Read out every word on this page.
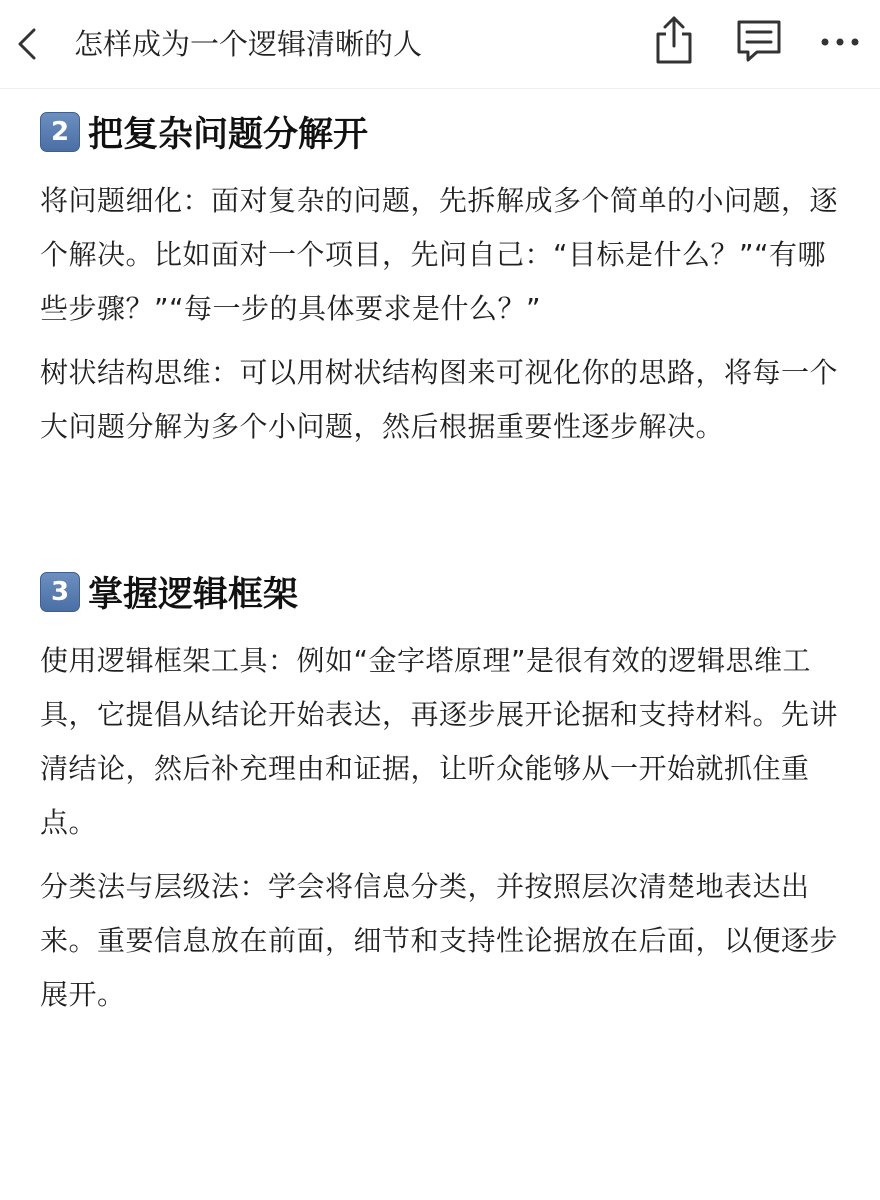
怎样成为一个逻辑清晰的人
2 把复杂问题分解开

将问题细化：面对复杂的问题，先拆解成多个简单的小问题，逐个解决。比如面对一个项目，先问自己：“目标是什么？”“有哪些步骤？”“每一步的具体要求是什么？”

树状结构思维：可以用树状结构图来可视化你的思路，将每一个大问题分解为多个小问题，然后根据重要性逐步解决。

3 掌握逻辑框架

使用逻辑框架工具：例如“金字塔原理”是很有效的逻辑思维工具，它提倡从结论开始表达，再逐步展开论据和支持材料。先讲清结论，然后补充理由和证据，让听众能够从一开始就抓住重点。

分类法与层级法：学会将信息分类，并按照层次清楚地表达出来。重要信息放在前面，细节和支持性论据放在后面，以便逐步展开。
